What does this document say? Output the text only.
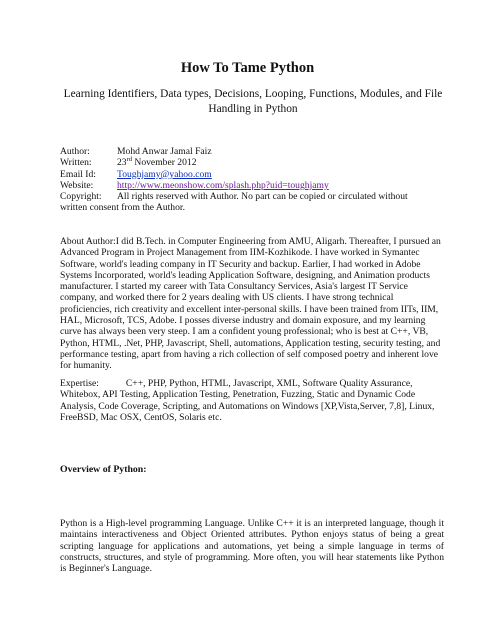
How To Tame Python
Learning Identifiers, Data types, Decisions, Looping, Functions, Modules, and File Handling in Python
Author:	Mohd Anwar Jamal Faiz
Written:	23rd November 2012
Email Id:	Toughjamy@yahoo.com
Website:	http://www.meonshow.com/splash.php?uid=toughjamy
Copyright:	All rights reserved with Author. No part can be copied or circulated without
written consent from the Author.
About Author:I did B.Tech. in Computer Engineering from AMU, Aligarh. Thereafter, I pursued an Advanced Program in Project Management from IIM-Kozhikode. I have worked in Symantec Software, world's leading company in IT Security and backup. Earlier, I had worked in Adobe Systems Incorporated, world's leading Application Software, designing, and Animation products manufacturer. I started my career with Tata Consultancy Services, Asia's largest IT Service company, and worked there for 2 years dealing with US clients. I have strong technical proficiencies, rich creativity and excellent inter-personal skills. I have been trained from IITs, IIM, HAL, Microsoft, TCS, Adobe. I posses diverse industry and domain exposure, and my learning curve has always been very steep. I am a confident young professional; who is best at C++, VB, Python, HTML, .Net, PHP, Javascript, Shell, automations, Application testing, security testing, and performance testing, apart from having a rich collection of self composed poetry and inherent love for humanity.
Expertise:	C++, PHP, Python, HTML, Javascript, XML, Software Quality Assurance, Whitebox, API Testing, Application Testing, Penetration, Fuzzing, Static and Dynamic Code Analysis, Code Coverage, Scripting, and Automations on Windows [XP,Vista,Server, 7,8], Linux, FreeBSD, Mac OSX, CentOS, Solaris etc.
Overview of Python:
Python is a High-level programming Language. Unlike C++ it is an interpreted language, though it maintains interactiveness and Object Oriented attributes. Python enjoys status of being a great scripting language for applications and automations, yet being a simple language in terms of constructs, structures, and style of programming. More often, you will hear statements like Python is Beginner's Language.
